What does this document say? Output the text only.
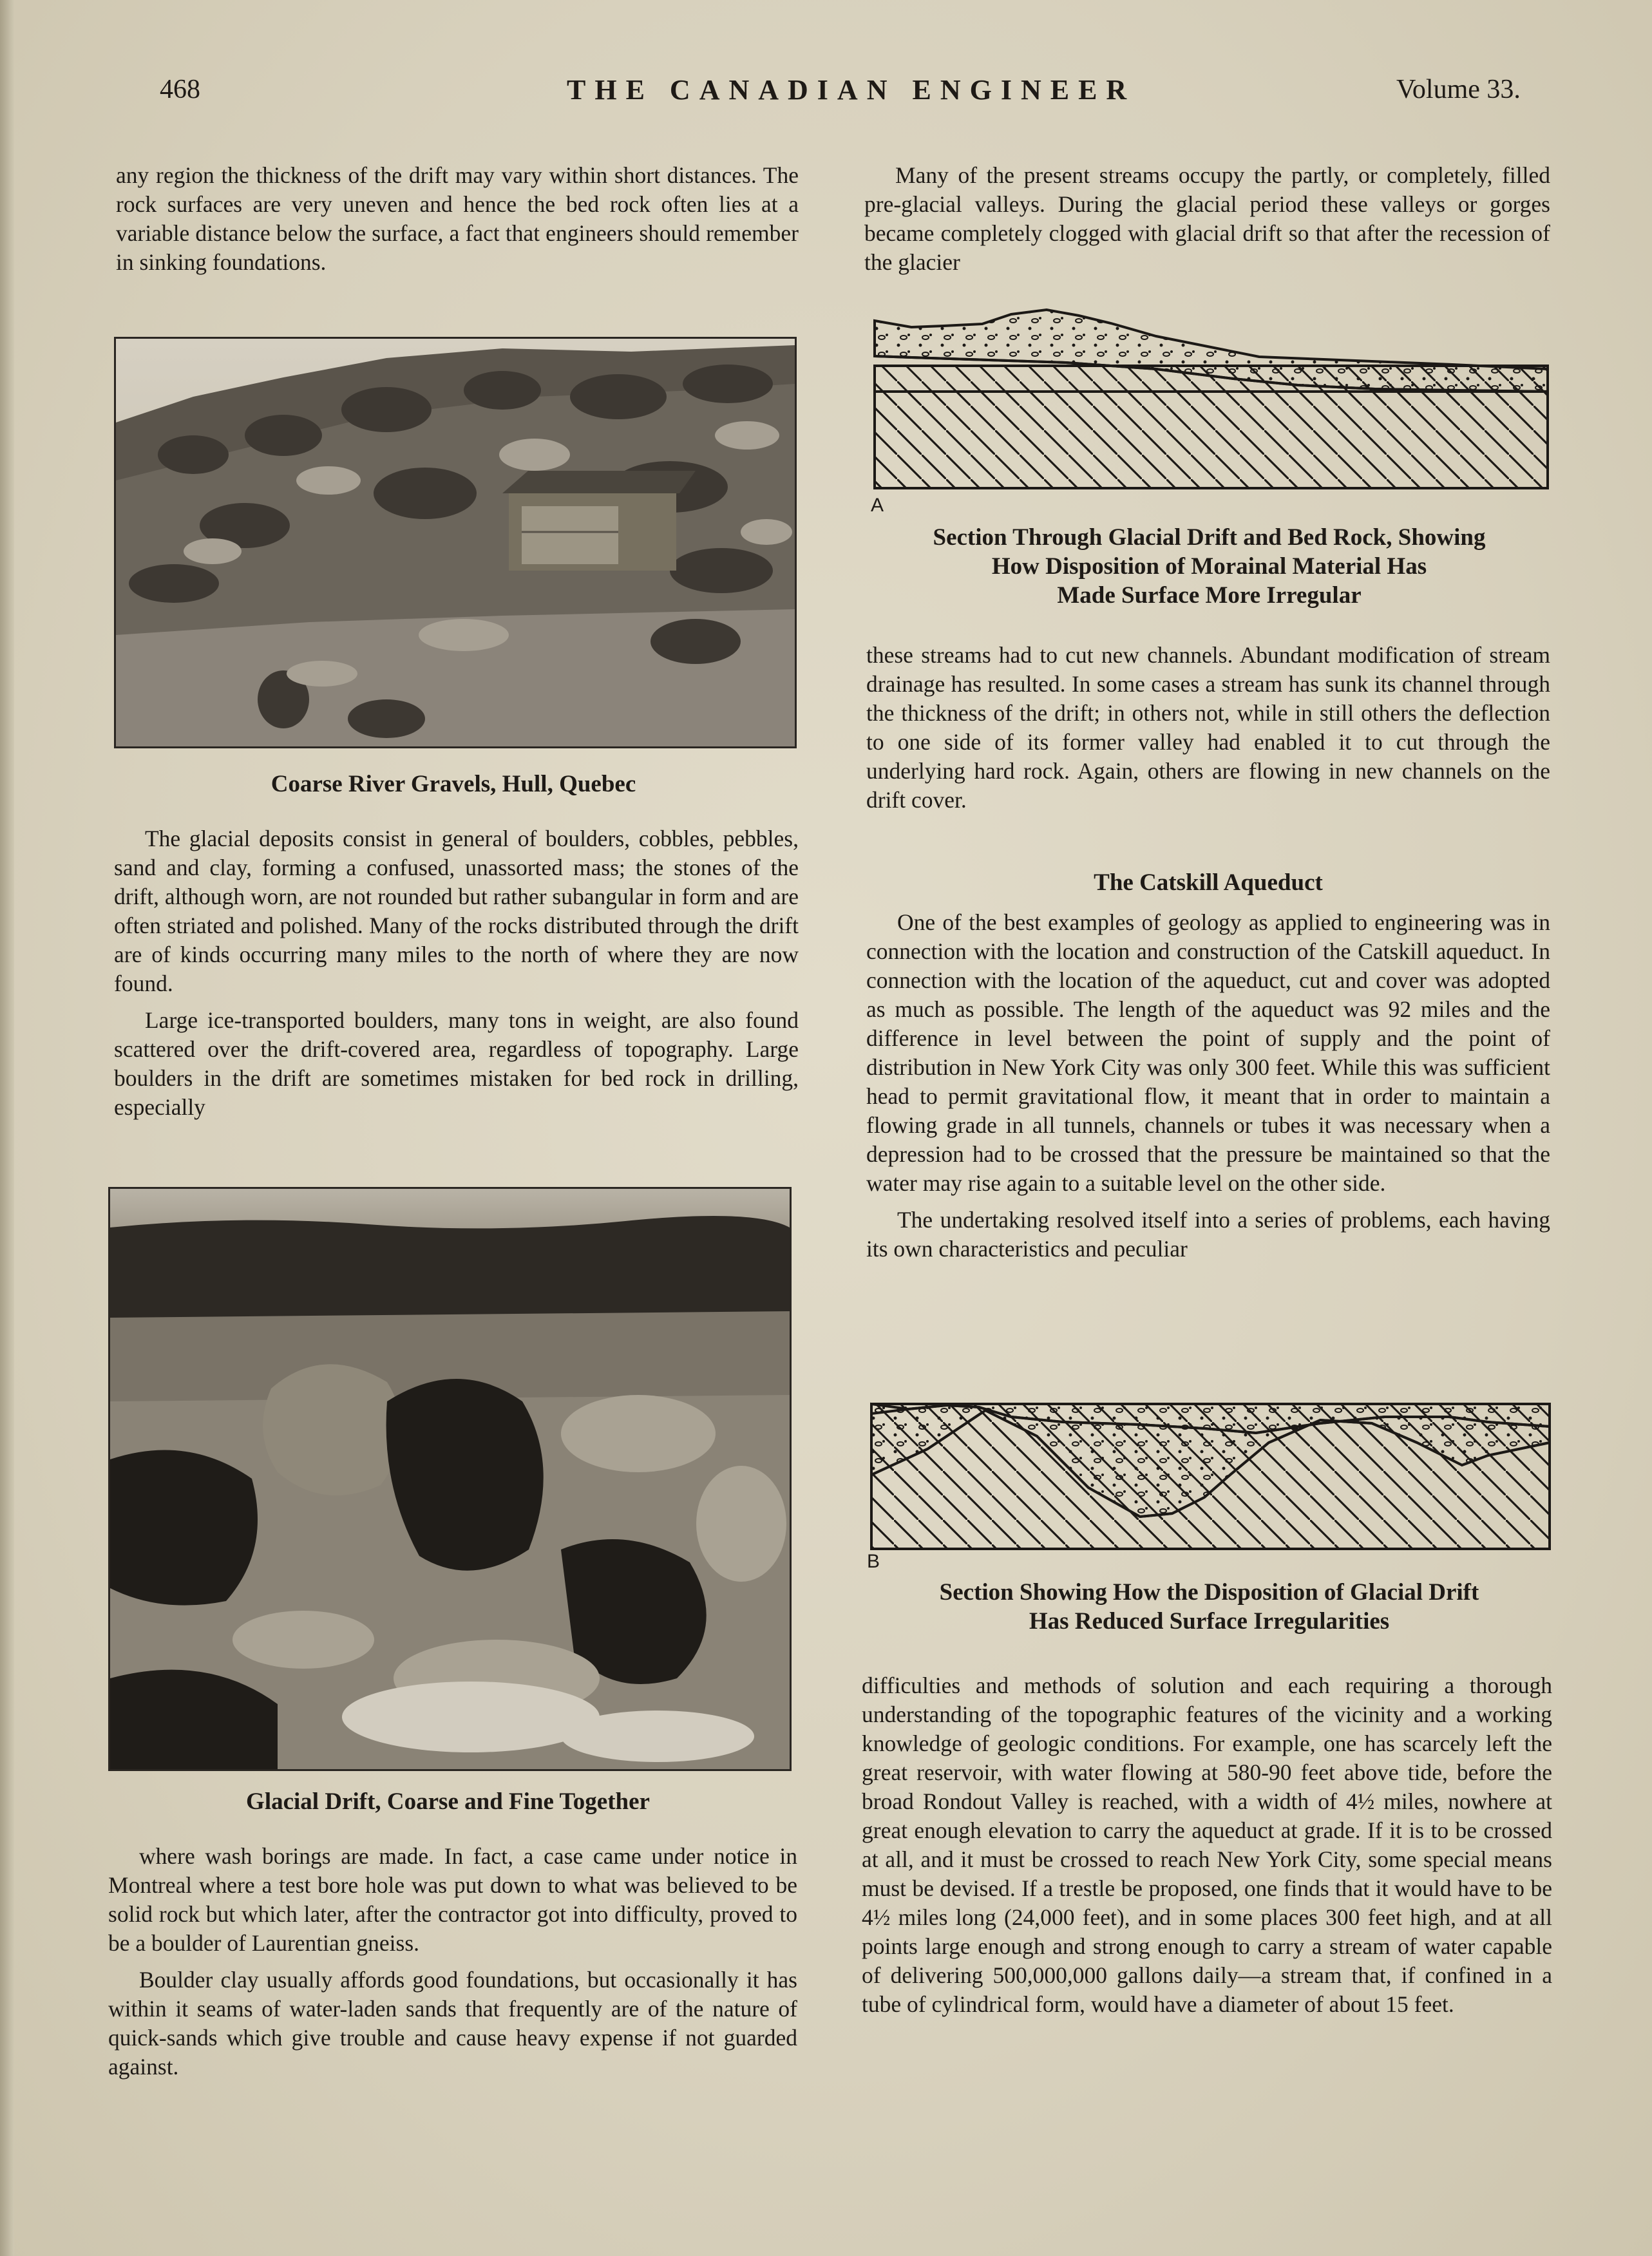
468	THE CANADIAN ENGINEER	Volume 33.

any region the thickness of the drift may vary within short distances. The rock surfaces are very uneven and hence the bed rock often lies at a variable distance below the surface, a fact that engineers should remember in sinking foundations.

Coarse River Gravels, Hull, Quebec

The glacial deposits consist in general of boulders, cobbles, pebbles, sand and clay, forming a confused, unassorted mass; the stones of the drift, although worn, are not rounded but rather subangular in form and are often striated and polished. Many of the rocks distributed through the drift are of kinds occurring many miles to the north of where they are now found.

Large ice-transported boulders, many tons in weight, are also found scattered over the drift-covered area, regardless of topography. Large boulders in the drift are sometimes mistaken for bed rock in drilling, especially

Glacial Drift, Coarse and Fine Together

where wash borings are made. In fact, a case came under notice in Montreal where a test bore hole was put down to what was believed to be solid rock but which later, after the contractor got into difficulty, proved to be a boulder of Laurentian gneiss.

Boulder clay usually affords good foundations, but occasionally it has within it seams of water-laden sands that frequently are of the nature of quick-sands which give trouble and cause heavy expense if not guarded against.

Many of the present streams occupy the partly, or completely, filled pre-glacial valleys. During the glacial period these valleys or gorges became completely clogged with glacial drift so that after the recession of the glacier

A
Section Through Glacial Drift and Bed Rock, Showing
How Disposition of Morainal Material Has
Made Surface More Irregular

these streams had to cut new channels. Abundant modification of stream drainage has resulted. In some cases a stream has sunk its channel through the thickness of the drift; in others not, while in still others the deflection to one side of its former valley had enabled it to cut through the underlying hard rock. Again, others are flowing in new channels on the drift cover.

The Catskill Aqueduct

One of the best examples of geology as applied to engineering was in connection with the location and construction of the Catskill aqueduct. In connection with the location of the aqueduct, cut and cover was adopted as much as possible. The length of the aqueduct was 92 miles and the difference in level between the point of supply and the point of distribution in New York City was only 300 feet. While this was sufficient head to permit gravitational flow, it meant that in order to maintain a flowing grade in all tunnels, channels or tubes it was necessary when a depression had to be crossed that the pressure be maintained so that the water may rise again to a suitable level on the other side.

The undertaking resolved itself into a series of problems, each having its own characteristics and peculiar

B
Section Showing How the Disposition of Glacial Drift
Has Reduced Surface Irregularities

difficulties and methods of solution and each requiring a thorough understanding of the topographic features of the vicinity and a working knowledge of geologic conditions. For example, one has scarcely left the great reservoir, with water flowing at 580-90 feet above tide, before the broad Rondout Valley is reached, with a width of 4½ miles, nowhere at great enough elevation to carry the aqueduct at grade. If it is to be crossed at all, and it must be crossed to reach New York City, some special means must be devised. If a trestle be proposed, one finds that it would have to be 4½ miles long (24,000 feet), and in some places 300 feet high, and at all points large enough and strong enough to carry a stream of water capable of delivering 500,000,000 gallons daily—a stream that, if confined in a tube of cylindrical form, would have a diameter of about 15 feet.
